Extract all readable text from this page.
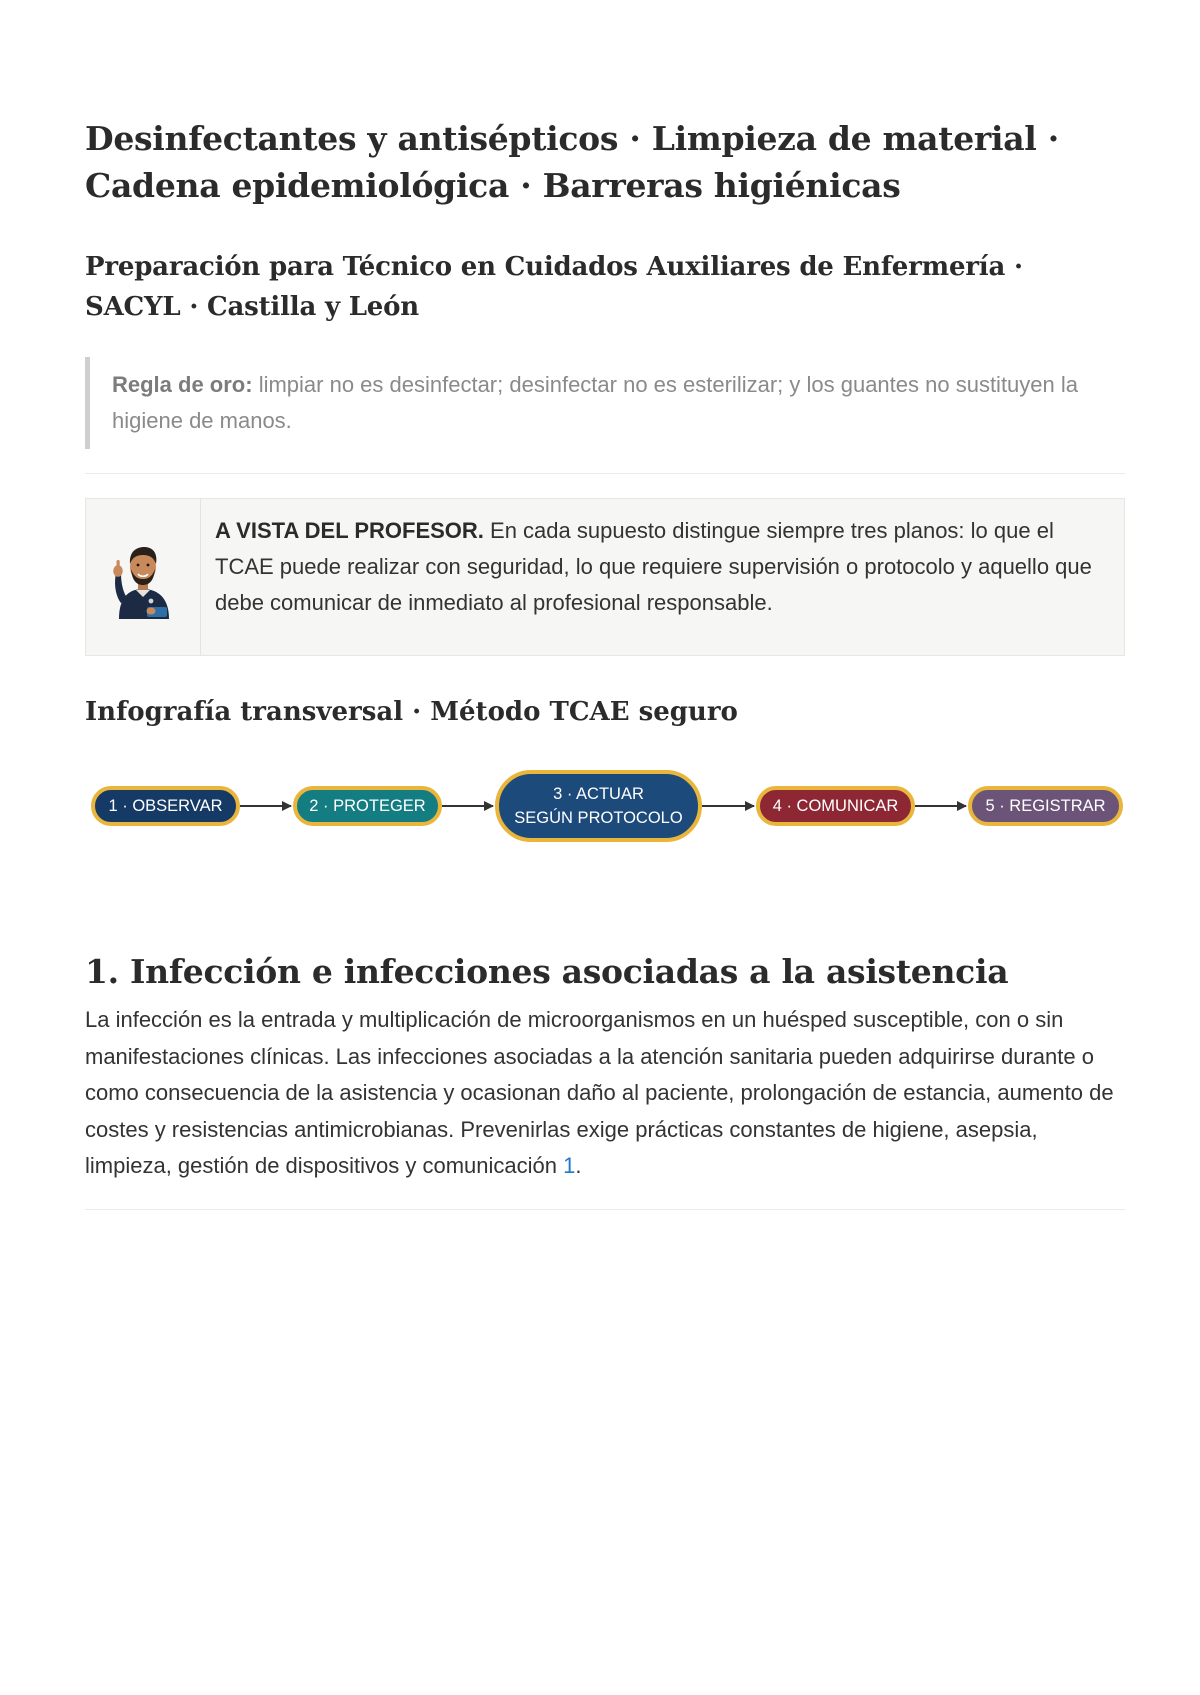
Desinfectantes y antisépticos · Limpieza de material · Cadena epidemiológica · Barreras higiénicas
Preparación para Técnico en Cuidados Auxiliares de Enfermería · SACYL · Castilla y León
Regla de oro: limpiar no es desinfectar; desinfectar no es esterilizar; y los guantes no sustituyen la higiene de manos.
A VISTA DEL PROFESOR. En cada supuesto distingue siempre tres planos: lo que el TCAE puede realizar con seguridad, lo que requiere supervisión o protocolo y aquello que debe comunicar de inmediato al profesional responsable.
Infografía transversal · Método TCAE seguro
1 · OBSERVAR	2 · PROTEGER
3 · ACTUAR
SEGÚN PROTOCOLO
4 · COMUNICAR	5 · REGISTRAR
1. Infección e infecciones asociadas a la asistencia

La infección es la entrada y multiplicación de microorganismos en un huésped susceptible, con o sin manifestaciones clínicas. Las infecciones asociadas a la atención sanitaria pueden adquirirse durante o como consecuencia de la asistencia y ocasionan daño al paciente, prolongación de estancia, aumento de costes y resistencias antimicrobianas. Prevenirlas exige prácticas constantes de higiene, asepsia, limpieza, gestión de dispositivos y comunicación 1.
